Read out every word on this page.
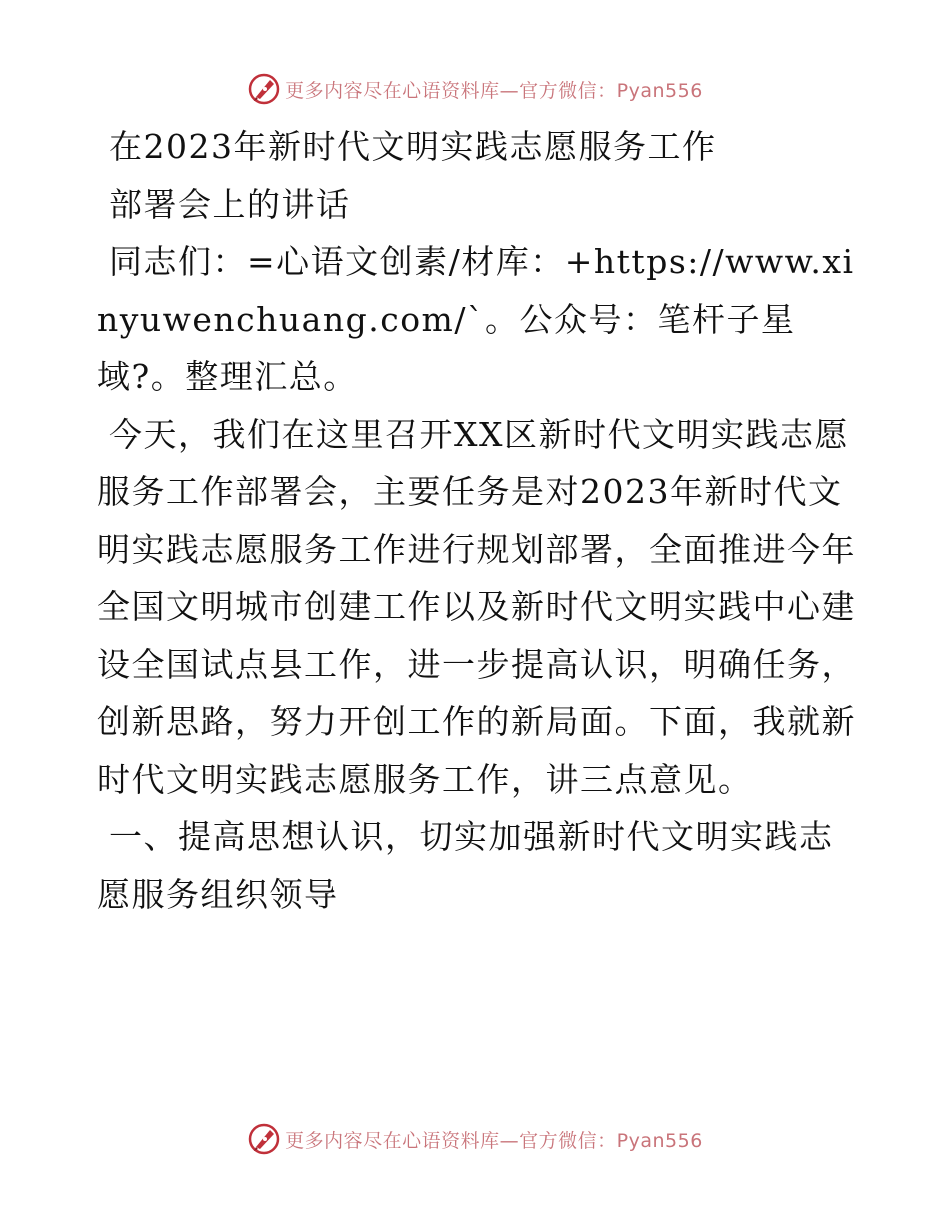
更多内容尽在心语资料库—官方微信：Pyan556

在2023年新时代文明实践志愿服务工作

部署会上的讲话

同志们：=心语文创素/材库：+https://www.xinyuwenchuang.com/`。公众号：笔杆子星域?。整理汇总。

今天，我们在这里召开XX区新时代文明实践志愿服务工作部署会，主要任务是对2023年新时代文明实践志愿服务工作进行规划部署，全面推进今年全国文明城市创建工作以及新时代文明实践中心建设全国试点县工作，进一步提高认识，明确任务，创新思路，努力开创工作的新局面。下面，我就新时代文明实践志愿服务工作，讲三点意见。

一、提高思想认识，切实加强新时代文明实践志愿服务组织领导

更多内容尽在心语资料库—官方微信：Pyan556
